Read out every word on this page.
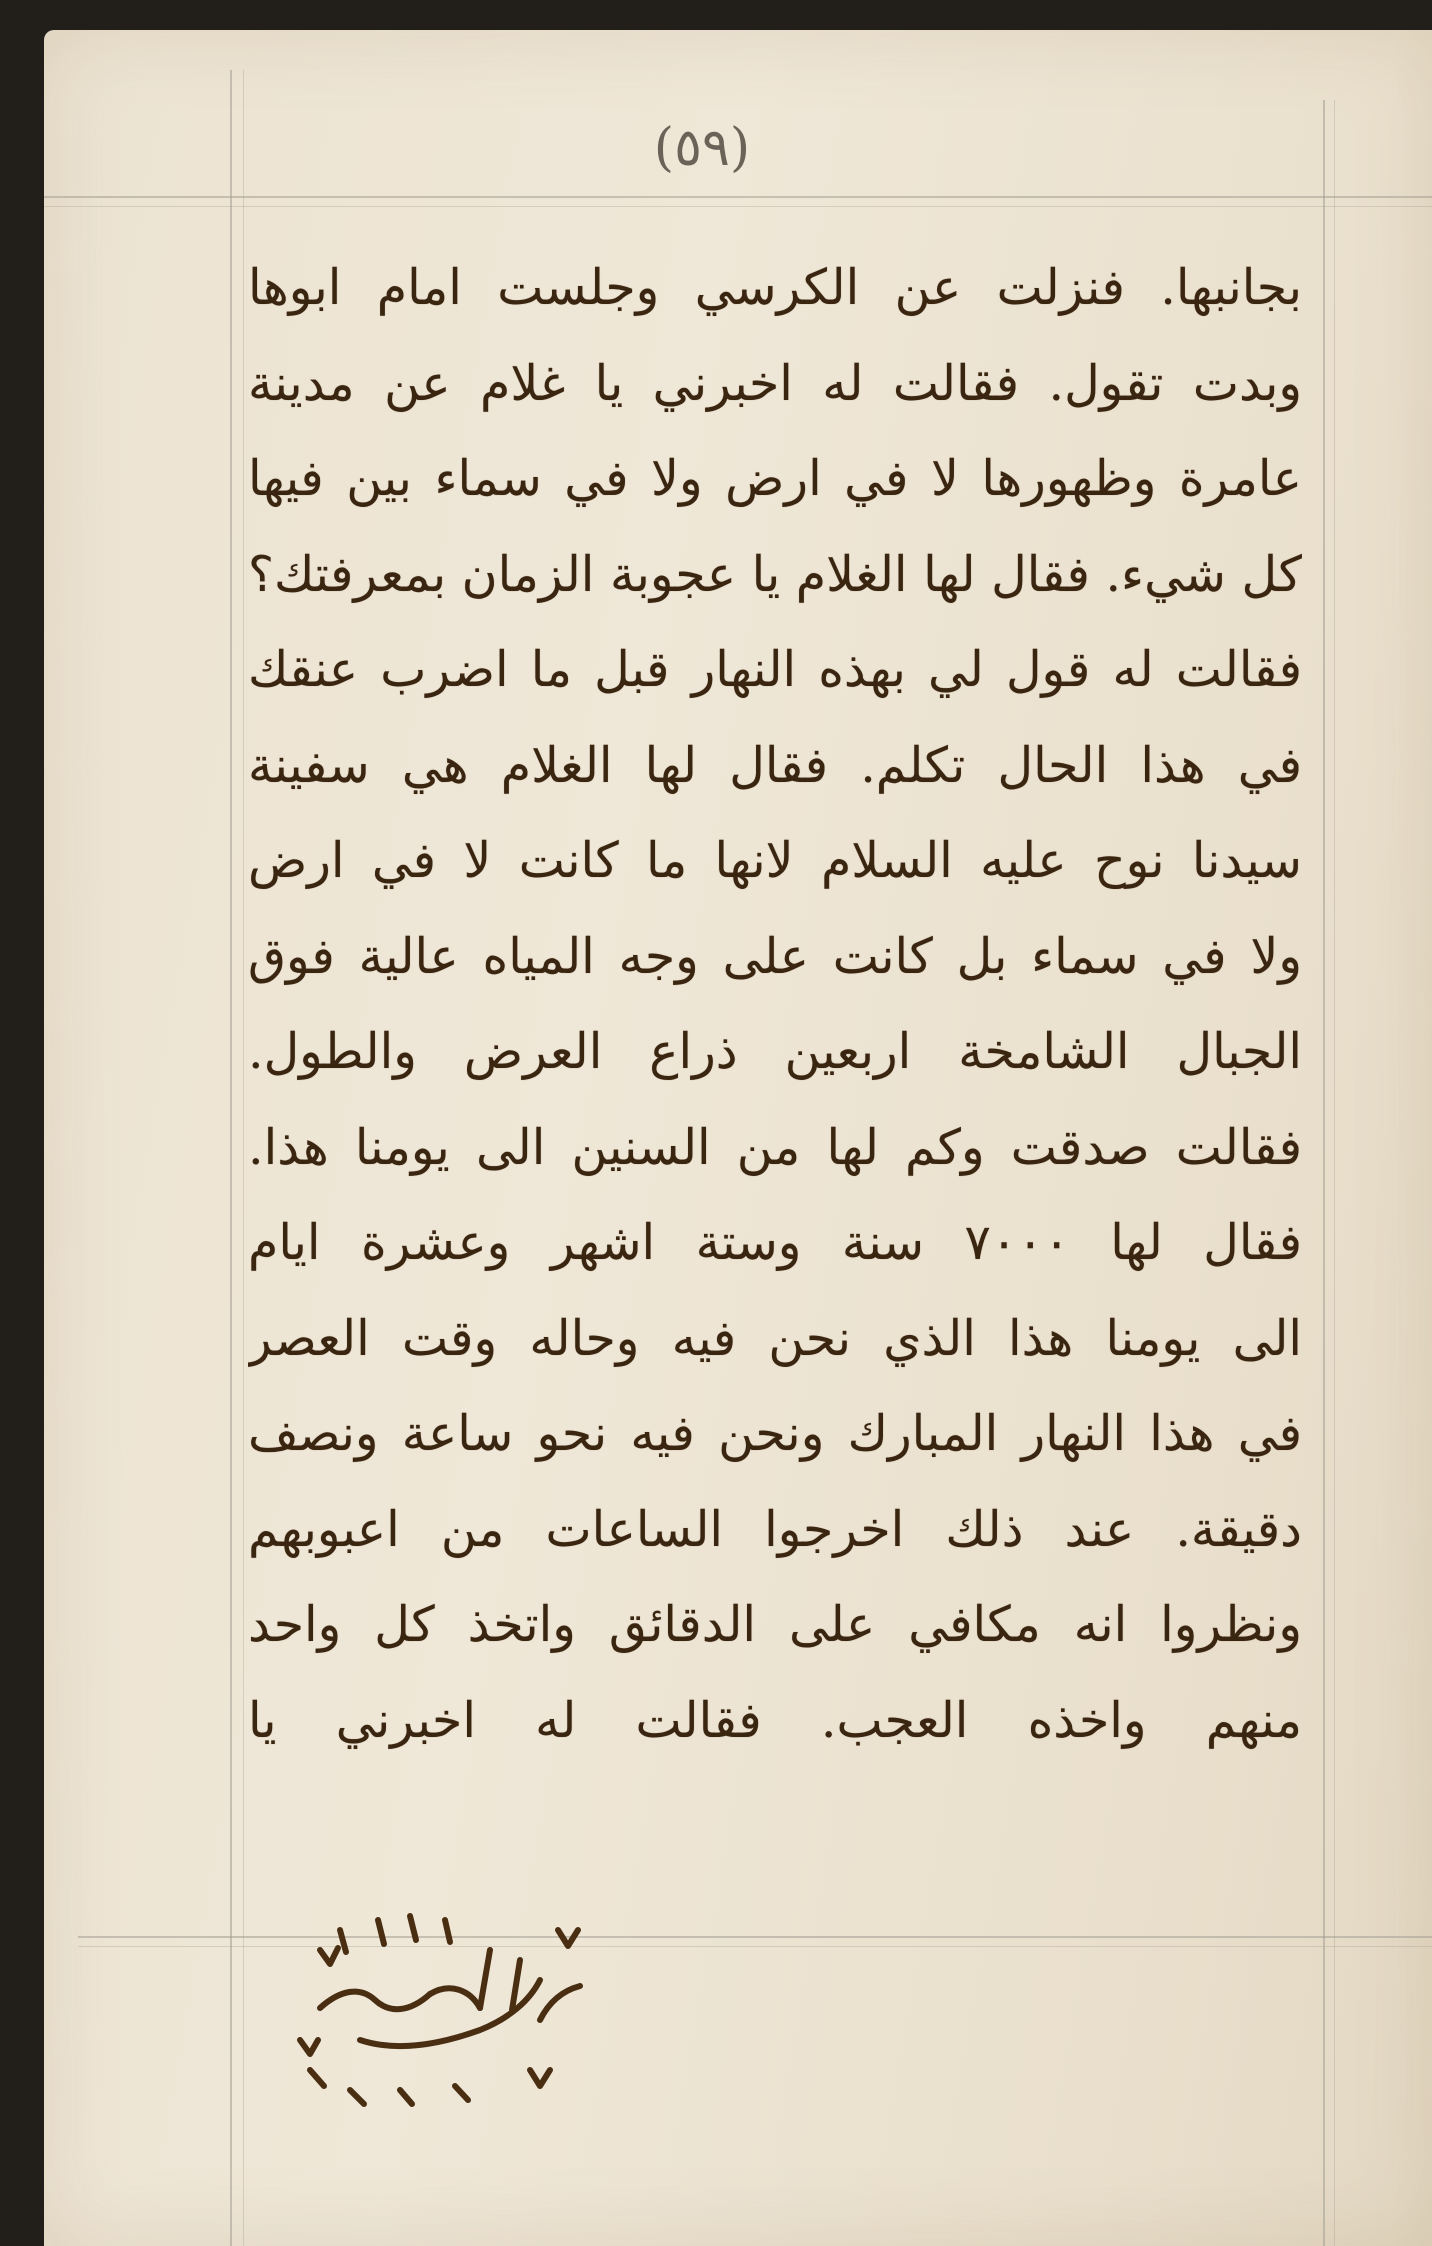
(٥٩)
بجانبها. فنزلت عن الكرسي وجلست امام ابوها
وبدت تقول. فقالت له اخبرني يا غلام عن مدينة
عامرة وظهورها لا في ارض ولا في سماء بين فيها
كل شيء. فقال لها الغلام يا عجوبة الزمان بمعرفتك؟
فقالت له قول لي بهذه النهار قبل ما اضرب عنقك
في هذا الحال تكلم. فقال لها الغلام هي سفينة
سيدنا نوح عليه السلام لانها ما كانت لا في ارض
ولا في سماء بل كانت على وجه المياه عالية فوق
الجبال الشامخة اربعين ذراع العرض والطول.
فقالت صدقت وكم لها من السنين الى يومنا هذا.
فقال لها ٧٠٠٠ سنة وستة اشهر وعشرة ايام
الى يومنا هذا الذي نحن فيه وحاله وقت العصر
في هذا النهار المبارك ونحن فيه نحو ساعة ونصف
دقيقة. عند ذلك اخرجوا الساعات من اعبوبهم
ونظروا انه مكافي على الدقائق واتخذ كل واحد
منهم واخذه العجب. فقالت له اخبرني يا
